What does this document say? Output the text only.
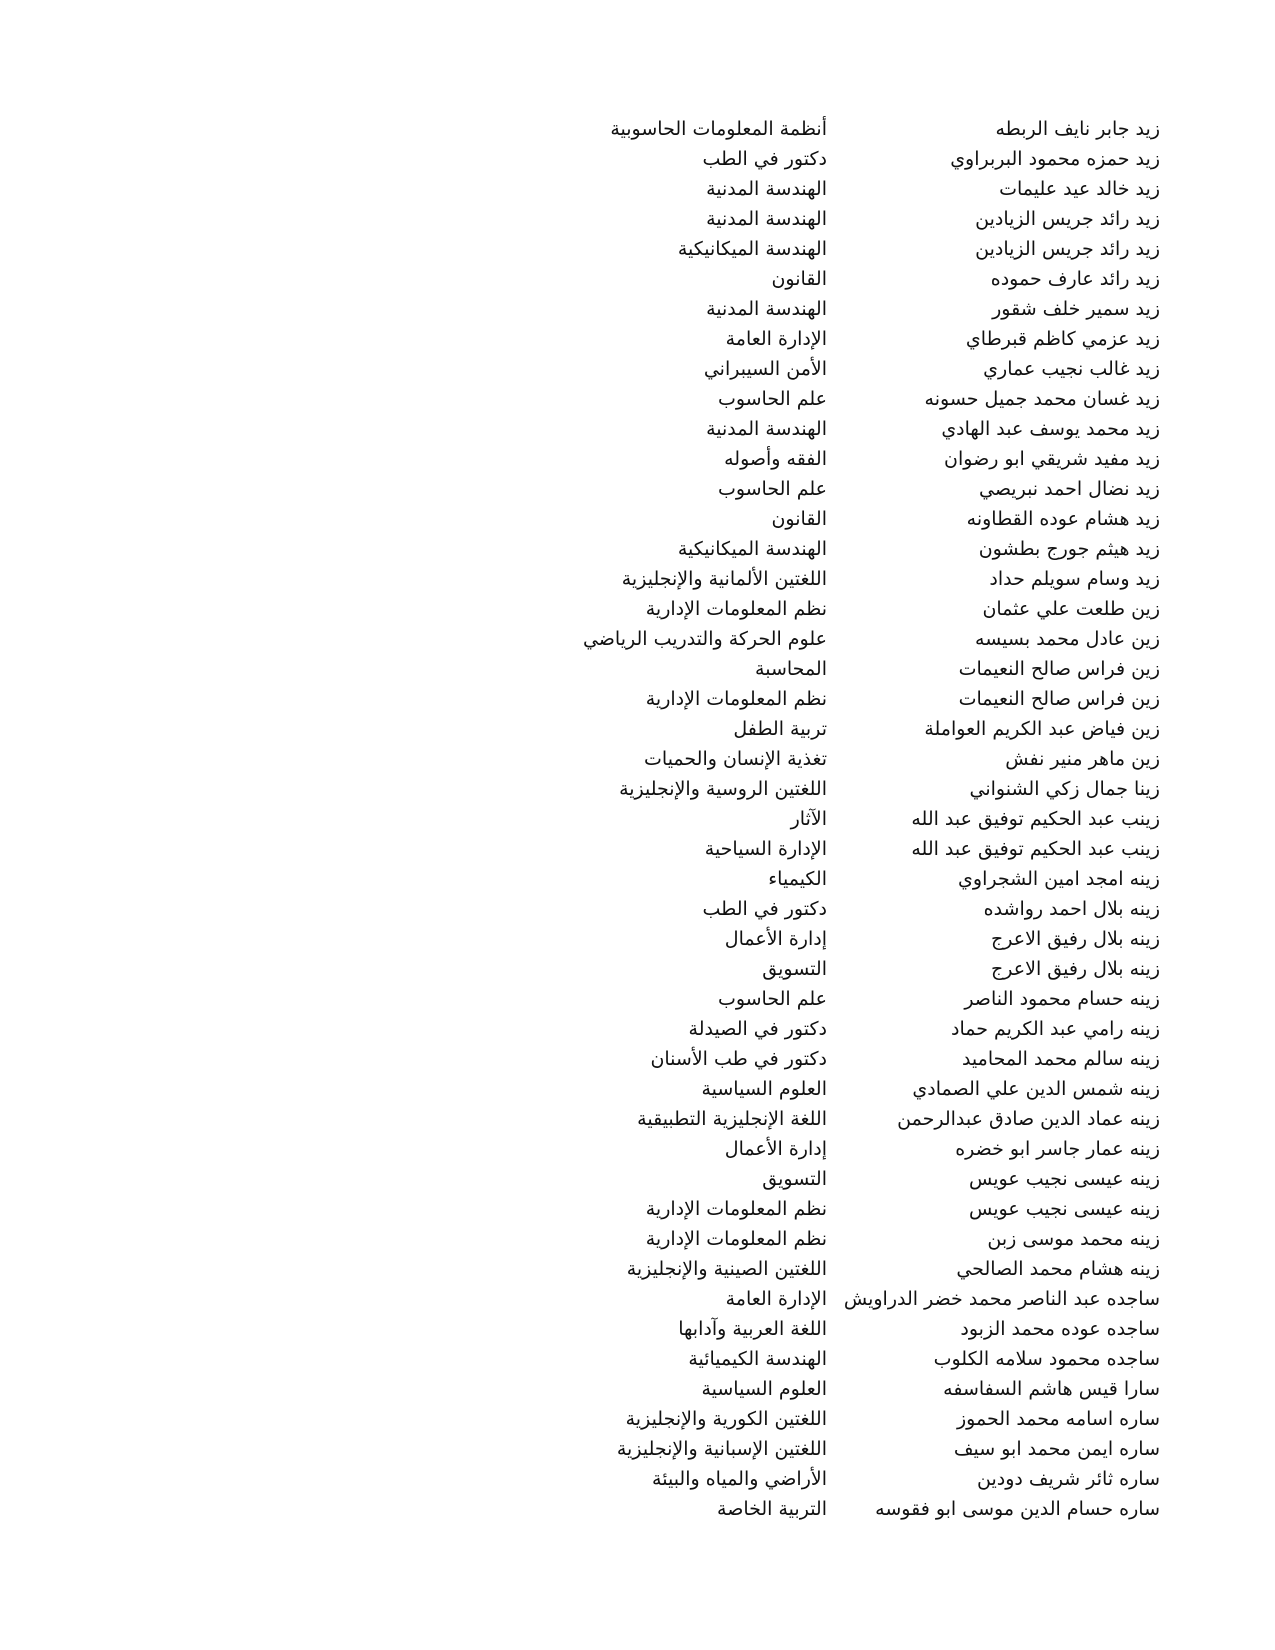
زيد جابر نايف الربطه
أنظمة المعلومات الحاسوبية
زيد حمزه محمود البربراوي
دكتور في الطب
زيد خالد عيد عليمات
الهندسة المدنية
زيد رائد جريس الزيادين
الهندسة المدنية
زيد رائد جريس الزيادين
الهندسة الميكانيكية
زيد رائد عارف حموده
القانون
زيد سمير خلف شقور
الهندسة المدنية
زيد عزمي كاظم قبرطاي
الإدارة العامة
زيد غالب نجيب عماري
الأمن السيبراني
زيد غسان محمد جميل حسونه
علم الحاسوب
زيد محمد يوسف عبد الهادي
الهندسة المدنية
زيد مفيد شريقي ابو رضوان
الفقه وأصوله
زيد نضال احمد نبريصي
علم الحاسوب
زيد هشام عوده القطاونه
القانون
زيد هيثم جورج بطشون
الهندسة الميكانيكية
زيد وسام سويلم حداد
اللغتين الألمانية والإنجليزية
زين طلعت علي عثمان
نظم المعلومات الإدارية
زين عادل محمد بسيسه
علوم الحركة والتدريب الرياضي
زين فراس صالح النعيمات
المحاسبة
زين فراس صالح النعيمات
نظم المعلومات الإدارية
زين فياض عبد الكريم العواملة
تربية الطفل
زين ماهر منير نفش
تغذية الإنسان والحميات
زينا جمال زكي الشنواني
اللغتين الروسية والإنجليزية
زينب عبد الحكيم توفيق عبد الله
الآثار
زينب عبد الحكيم توفيق عبد الله
الإدارة السياحية
زينه امجد امين الشجراوي
الكيمياء
زينه بلال احمد رواشده
دكتور في الطب
زينه بلال رفيق الاعرج
إدارة الأعمال
زينه بلال رفيق الاعرج
التسويق
زينه حسام محمود الناصر
علم الحاسوب
زينه رامي عبد الكريم حماد
دكتور في الصيدلة
زينه سالم محمد المحاميد
دكتور في طب الأسنان
زينه شمس الدين علي الصمادي
العلوم السياسية
زينه عماد الدين صادق عبدالرحمن
اللغة الإنجليزية التطبيقية
زينه عمار جاسر ابو خضره
إدارة الأعمال
زينه عيسى نجيب عويس
التسويق
زينه عيسى نجيب عويس
نظم المعلومات الإدارية
زينه محمد موسى زبن
نظم المعلومات الإدارية
زينه هشام محمد الصالحي
اللغتين الصينية والإنجليزية
ساجده عبد الناصر محمد خضر الدراويش
الإدارة العامة
ساجده عوده محمد الزبود
اللغة العربية وآدابها
ساجده محمود سلامه الكلوب
الهندسة الكيميائية
سارا قيس هاشم السفاسفه
العلوم السياسية
ساره اسامه محمد الحموز
اللغتين الكورية والإنجليزية
ساره ايمن محمد ابو سيف
اللغتين الإسبانية والإنجليزية
ساره ثائر شريف دودين
الأراضي والمياه والبيئة
ساره حسام الدين موسى ابو فقوسه
التربية الخاصة
